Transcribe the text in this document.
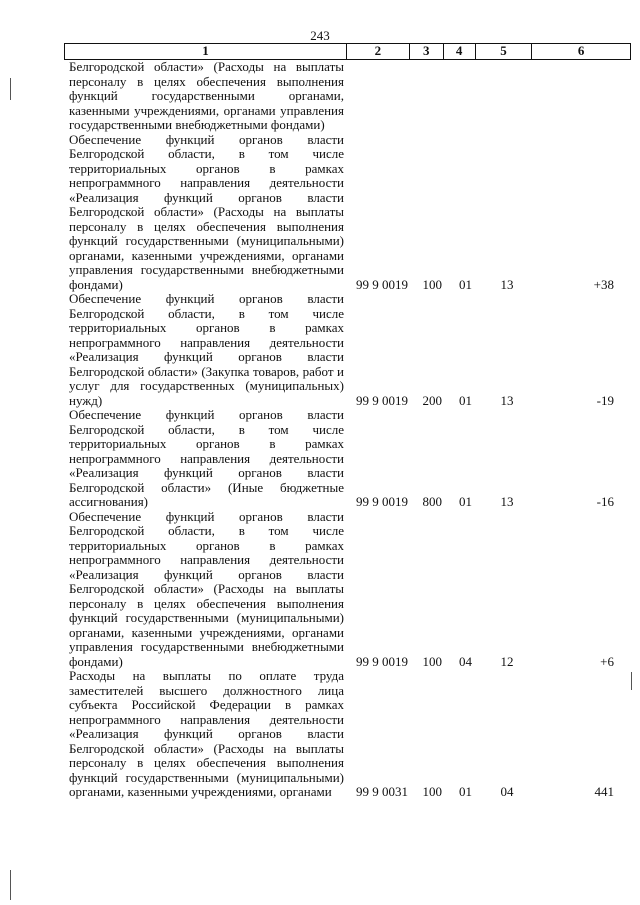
243
1	2	3	4	5	6
Белгородской области» (Расходы на выплаты персоналу в целях обеспечения выполнения функций государственными органами, казенными учреждениями, органами управления государственными внебюджетными фондами)
Обеспечение функций органов власти Белгородской области, в том числе территориальных органов в рамках непрограммного направления деятельности «Реализация функций органов власти Белгородской области» (Расходы на выплаты персоналу в целях обеспечения выполнения функций государственными (муниципальными) органами, казенными учреждениями, органами управления государственными внебюджетными фондами)	99 9 0019	100	01	13	+38
Обеспечение функций органов власти Белгородской области, в том числе территориальных органов в рамках непрограммного направления деятельности «Реализация функций органов власти Белгородской области» (Закупка товаров, работ и услуг для государственных (муниципальных) нужд)	99 9 0019	200	01	13	-19
Обеспечение функций органов власти Белгородской области, в том числе территориальных органов в рамках непрограммного направления деятельности «Реализация функций органов власти Белгородской области» (Иные бюджетные ассигнования)	99 9 0019	800	01	13	-16
Обеспечение функций органов власти Белгородской области, в том числе территориальных органов в рамках непрограммного направления деятельности «Реализация функций органов власти Белгородской области» (Расходы на выплаты персоналу в целях обеспечения выполнения функций государственными (муниципальными) органами, казенными учреждениями, органами управления государственными внебюджетными фондами)	99 9 0019	100	04	12	+6
Расходы на выплаты по оплате труда заместителей высшего должностного лица субъекта Российской Федерации в рамках непрограммного направления деятельности «Реализация функций органов власти Белгородской области» (Расходы на выплаты персоналу в целях обеспечения выполнения функций государственными (муниципальными) органами, казенными учреждениями, органами	99 9 0031	100	01	04	441
